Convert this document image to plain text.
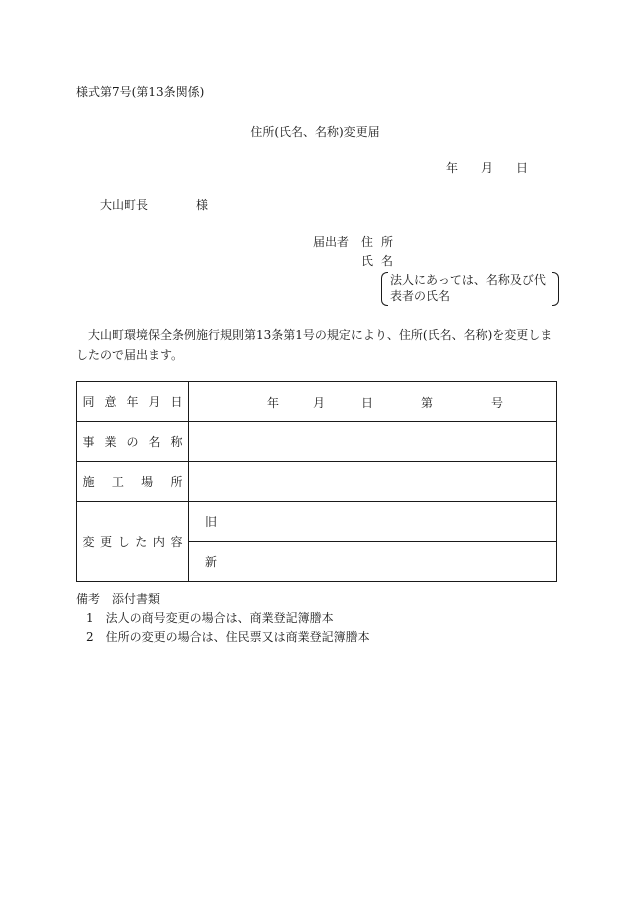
様式第7号(第13条関係)
住所(氏名、名称)変更届
年 月 日
大山町長	様
届出者 住所
氏名
法人にあっては、名称及び代表者の氏名
大山町環境保全条例施行規則第13条第1号の規定により、住所(氏名、名称)を変更しましたので届出ます。
同意年月日	年 月 日 第 号

事業の名称	
施工場所	
変更した内容	旧
	新
備考　添付書類
1　法人の商号変更の場合は、商業登記簿謄本
2　住所の変更の場合は、住民票又は商業登記簿謄本
